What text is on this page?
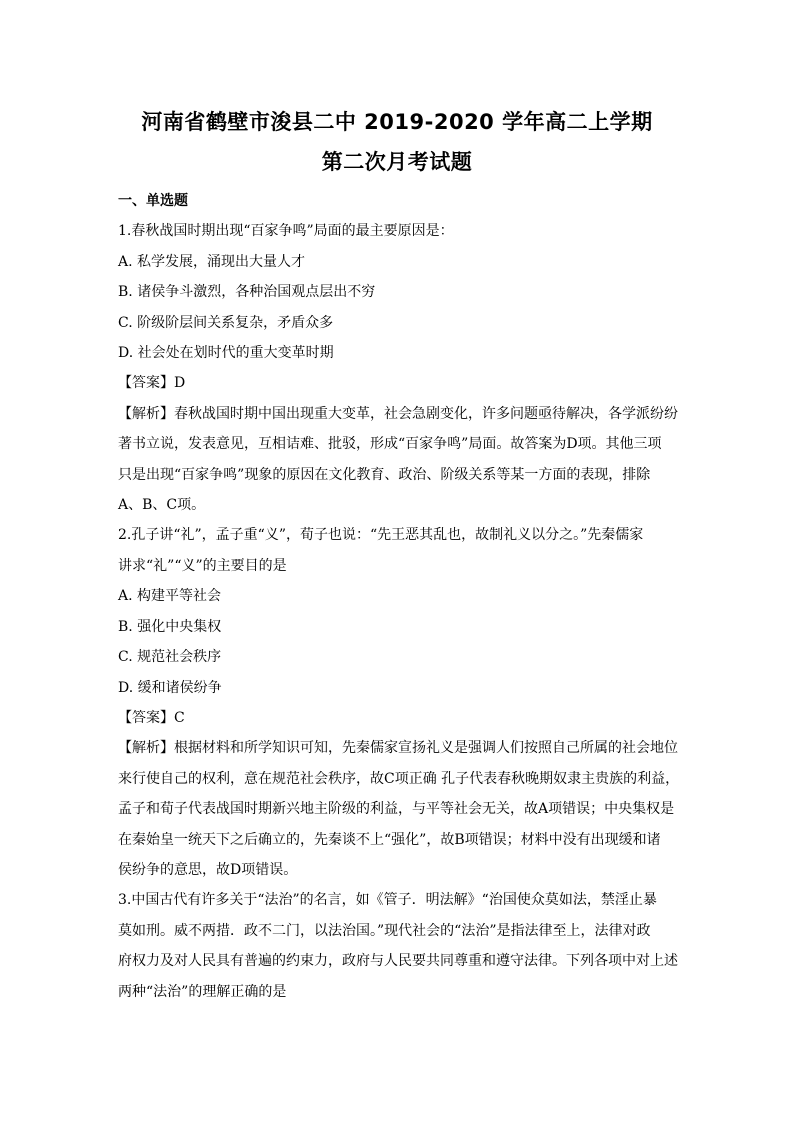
河南省鹤壁市浚县二中 2019-2020 学年高二上学期
第二次月考试题
一、单选题
1.春秋战国时期出现“百家争鸣”局面的最主要原因是：
A. 私学发展，涌现出大量人才
B. 诸侯争斗激烈，各种治国观点层出不穷
C. 阶级阶层间关系复杂，矛盾众多
D. 社会处在划时代的重大变革时期
【答案】D
【解析】春秋战国时期中国出现重大变革，社会急剧变化，许多问题亟待解决，各学派纷纷
著书立说，发表意见，互相诘难、批驳，形成“百家争鸣”局面。故答案为D项。其他三项
只是出现“百家争鸣”现象的原因在文化教育、政治、阶级关系等某一方面的表现，排除
A、B、C项。
2.孔子讲“礼”，孟子重“义”，荀子也说：“先王恶其乱也，故制礼义以分之。”先秦儒家
讲求“礼”“义”的主要目的是
A. 构建平等社会
B. 强化中央集权
C. 规范社会秩序
D. 缓和诸侯纷争
【答案】C
【解析】根据材料和所学知识可知，先秦儒家宣扬礼义是强调人们按照自己所属的社会地位
来行使自己的权利，意在规范社会秩序，故C项正确 孔子代表春秋晚期奴隶主贵族的利益，
孟子和荀子代表战国时期新兴地主阶级的利益，与平等社会无关，故A项错误；中央集权是
在秦始皇一统天下之后确立的，先秦谈不上“强化”，故B项错误；材料中没有出现缓和诸
侯纷争的意思，故D项错误。
3.中国古代有许多关于“法治”的名言，如《管子．明法解》“治国使众莫如法，禁淫止暴
莫如刑。威不两措．政不二门，以法治国。”现代社会的“法治”是指法律至上，法律对政
府权力及对人民具有普遍的约束力，政府与人民要共同尊重和遵守法律。下列各项中对上述
两种“法治”的理解正确的是
